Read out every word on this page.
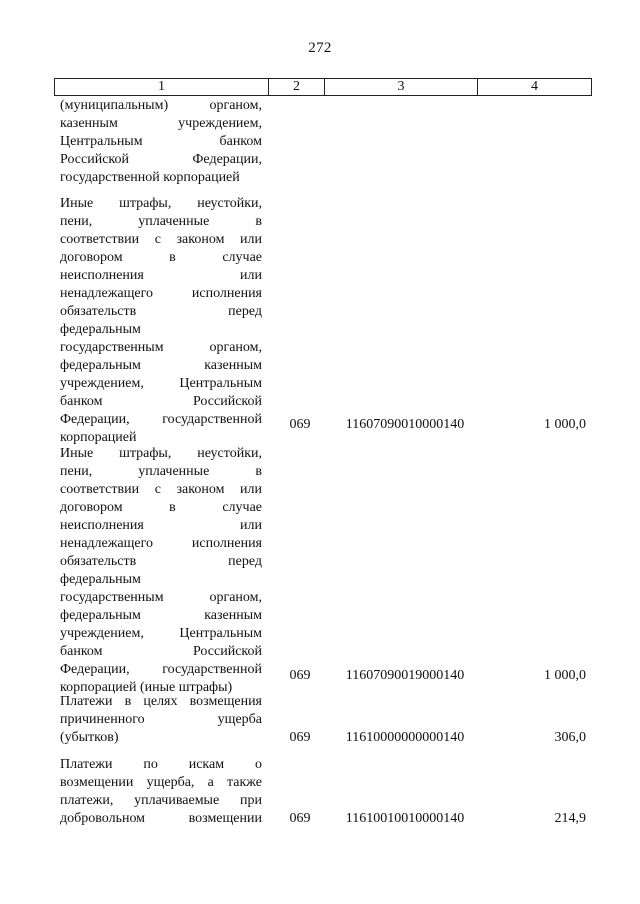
272
1	2	3	4
(муниципальным) органом,
казенным учреждением,
Центральным банком
Российской Федерации,
государственной корпорацией
Иные штрафы, неустойки,
пени, уплаченные в
соответствии с законом или
договором в случае
неисполнения или
ненадлежащего исполнения
обязательств перед
федеральным
государственным органом,
федеральным казенным
учреждением, Центральным
банком Российской
Федерации, государственной
корпорацией
069	11607090010000140	1 000,0
Иные штрафы, неустойки,
пени, уплаченные в
соответствии с законом или
договором в случае
неисполнения или
ненадлежащего исполнения
обязательств перед
федеральным
государственным органом,
федеральным казенным
учреждением, Центральным
банком Российской
Федерации, государственной
корпорацией (иные штрафы)
069	11607090019000140	1 000,0
Платежи в целях возмещения
причиненного ущерба
(убытков)	069	11610000000000140	306,0
Платежи по искам о
возмещении ущерба, а также
платежи, уплачиваемые при
добровольном возмещении	069	11610010010000140	214,9
